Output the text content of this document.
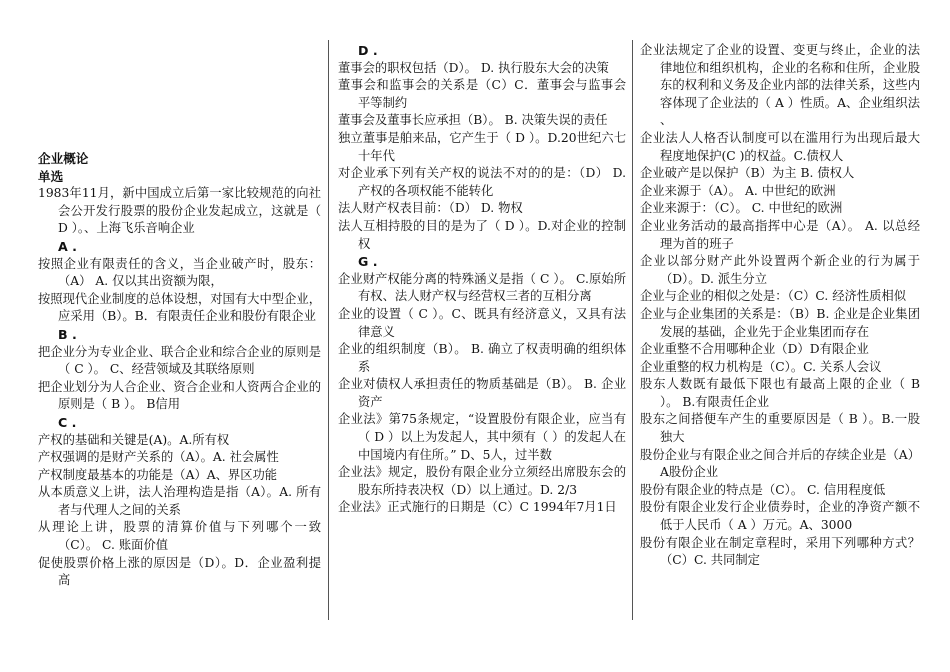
企业概论

单选

1983年11月，新中国成立后第一家比较规范的向社会公开发行股票的股份企业发起成立，这就是（ D ）。、上海飞乐音响企业

A .

按照企业有限责任的含义，当企业破产时，股东：（A） A. 仅以其出资额为限，

按照现代企业制度的总体设想，对国有大中型企业，应采用（B）。B．有限责任企业和股份有限企业

B .

把企业分为专业企业、联合企业和综合企业的原则是（ C ）。 C、经营领域及其联络原则

把企业划分为人合企业、资合企业和人资两合企业的原则是（ B ）。 B信用

C .

产权的基础和关键是(A)。A.所有权

产权强调的是财产关系的（A）。A. 社会属性

产权制度最基本的功能是（A）A、界区功能

从本质意义上讲，法人治理构造是指（A）。A. 所有者与代理人之间的关系

从理论上讲，股票的清算价值与下列哪个一致（C）。 C. 账面价值

促使股票价格上涨的原因是（D）。D．企业盈利提高

D .

董事会的职权包括（D）。 D. 执行股东大会的决策

董事会和监事会的关系是（C）C．董事会与监事会平等制约

董事会及董事长应承担（B）。 B. 决策失误的责任

独立董事是舶来品，它产生于（ D ）。D.20世纪六七十年代

对企业承下列有关产权的说法不对的的是：（D） D. 产权的各项权能不能转化

法人财产权表目前：（D） D. 物权

法人互相持股的目的是为了（ D ）。D.对企业的控制权

G .

企业财产权能分离的特殊涵义是指（ C ）。 C.原始所有权、法人财产权与经营权三者的互相分离

企业的设置（ C ）。C、既具有经济意义，又具有法律意义

企业的组织制度（B）。 B. 确立了权责明确的组织体系

企业对债权人承担责任的物质基础是（B）。 B. 企业资产

企业法》第75条规定，“设置股份有限企业，应当有（ D ）以上为发起人，其中须有（ ）的发起人在中国境内有住所。” D、5人，过半数

企业法》规定，股份有限企业分立须经出席股东会的股东所持表决权（D）以上通过。D. 2/3

企业法》正式施行的日期是（C）C 1994年7月1日

企业法规定了企业的设置、变更与终止，企业的法律地位和组织机构，企业的名称和住所，企业股东的权利和义务及企业内部的法律关系，这些内容体现了企业法的（ A ）性质。A、企业组织法 、

企业法人人格否认制度可以在滥用行为出现后最大程度地保护(C )的权益。C.债权人

企业破产是以保护（B）为主 B. 债权人

企业来源于（A）。 A. 中世纪的欧洲

企业来源于：（C）。 C. 中世纪的欧洲

企业业务活动的最高指挥中心是（A）。 A. 以总经理为首的班子

企业以部分财产此外设置两个新企业的行为属于（D）。D. 派生分立

企业与企业的相似之处是：（C）C. 经济性质相似

企业与企业集团的关系是：（B）B. 企业是企业集团发展的基础，企业先于企业集团而存在

企业重整不合用哪种企业（D）D有限企业

企业重整的权力机构是（C）。C. 关系人会议

股东人数既有最低下限也有最高上限的企业（ B ）。 B.有限责任企业

股东之间搭便车产生的重要原因是（ B ）。B.一股独大

股份企业与有限企业之间合并后的存续企业是（A）A股份企业

股份有限企业的特点是（C）。 C. 信用程度低

股份有限企业发行企业债券时，企业的净资产额不低于人民币（ A ）万元。A、3000

股份有限企业在制定章程时，采用下列哪种方式？（C）C. 共同制定
